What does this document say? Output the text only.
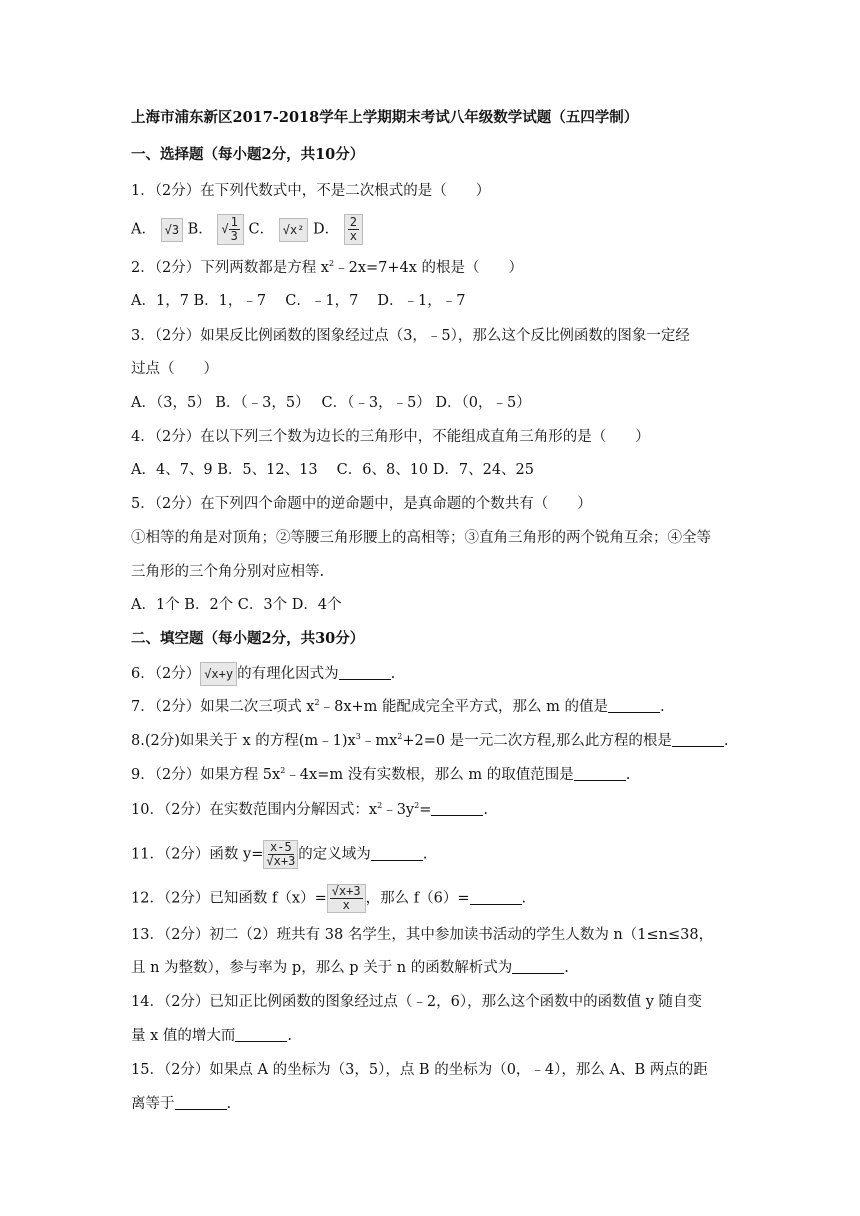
上海市浦东新区2017-2018学年上学期期末考试八年级数学试题（五四学制）
一、选择题（每小题2分，共10分）
1．（2分）在下列代数式中，不是二次根式的是（　　）
A． √3 B． √ $\frac{1}{3}$ C． √x² D． $\frac{2}{x}$
2．（2分）下列两数都是方程 $x^2﹣2x=7+4x$ 的根是（　　）
A．1，7 B．1，﹣7　 C．﹣1，7　 D．﹣1，﹣7
3．（2分）如果反比例函数的图象经过点（3，﹣5），那么这个反比例函数的图象一定经
过点（　　）
A．（3，5） B．（﹣3，5）　 C．（﹣3，﹣5） D．（0，﹣5）
4．（2分）在以下列三个数为边长的三角形中，不能组成直角三角形的是（　　）
A．4、7、9 B．5、12、13　 C．6、8、10 D．7、24、25
5．（2分）在下列四个命题中的逆命题中，是真命题的个数共有（　　）
①相等的角是对顶角；②等腰三角形腰上的高相等；③直角三角形的两个锐角互余；④全等
三角形的三个角分别对应相等.
A．1个 B．2个 C．3个 D．4个
二、填空题（每小题2分，共30分）
6．（2分） √x+y 的有理化因式为	.
7．（2分）如果二次三项式 $x^2﹣8x+m$ 能配成完全平方式，那么 m 的值是	.
8.(2分)如果关于 x 的方程$(m﹣1)x^3﹣mx^2+2=0$ 是一元二次方程,那么此方程的根是	.
9．（2分）如果方程 $5x^2﹣4x=m$ 没有实数根，那么 m 的取值范围是	.
10．（2分）在实数范围内分解因式：$x^2﹣3y^2=$	.
11．（2分）函数 $y= \frac{x-5}{√x+3}$ 的定义域为	.
12．（2分）已知函数 $f(x)= \frac{√x+3}{x}$ ，那么 f（6）=	.
13．（2分）初二（2）班共有 38 名学生，其中参加读书活动的学生人数为 n（1≤n≤38，
且 n 为整数），参与率为 p，那么 p 关于 n 的函数解析式为	.
14．（2分）已知正比例函数的图象经过点（﹣2，6），那么这个函数中的函数值 y 随自变
量 x 值的增大而	.
15．（2分）如果点 A 的坐标为（3，5），点 B 的坐标为（0，﹣4），那么 A、B 两点的距
离等于	.
